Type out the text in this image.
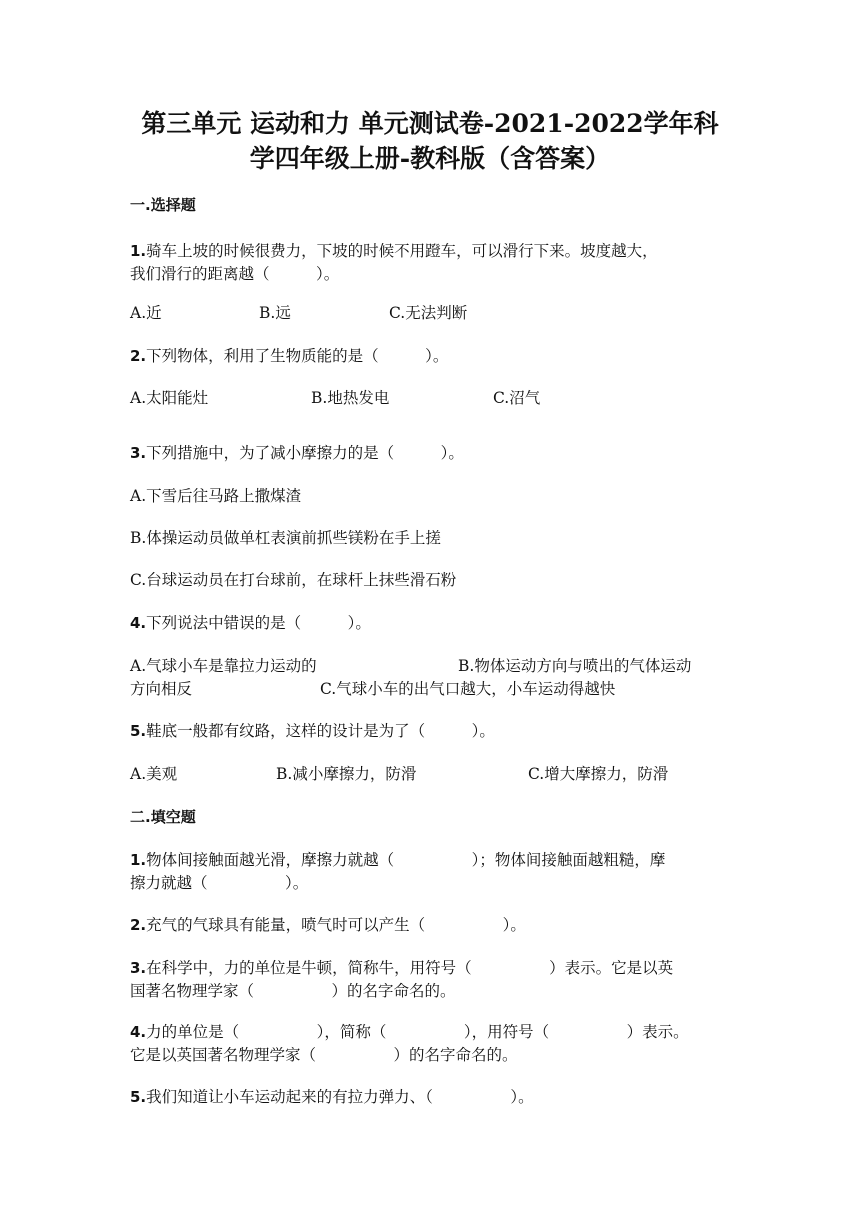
第三单元 运动和力 单元测试卷-2021-2022学年科
学四年级上册-教科版（含答案）
一.选择题
1.骑车上坡的时候很费力，下坡的时候不用蹬车，可以滑行下来。坡度越大，
我们滑行的距离越（　　　）。
A.近	B.远	C.无法判断
2.下列物体，利用了生物质能的是（　　　）。
A.太阳能灶	B.地热发电	C.沼气
3.下列措施中，为了减小摩擦力的是（　　　）。
A.下雪后往马路上撒煤渣
B.体操运动员做单杠表演前抓些镁粉在手上搓
C.台球运动员在打台球前，在球杆上抹些滑石粉
4.下列说法中错误的是（　　　）。
A.气球小车是靠拉力运动的	B.物体运动方向与喷出的气体运动
方向相反	C.气球小车的出气口越大，小车运动得越快
5.鞋底一般都有纹路，这样的设计是为了（　　　）。
A.美观	B.减小摩擦力，防滑	C.增大摩擦力，防滑
二.填空题
1.物体间接触面越光滑，摩擦力就越（　　　　　）；物体间接触面越粗糙，摩
擦力就越（　　　　　）。
2.充气的气球具有能量，喷气时可以产生（　　　　　）。
3.在科学中，力的单位是牛顿，简称牛，用符号（　　　　　）表示。它是以英
国著名物理学家（　　　　　）的名字命名的。
4.力的单位是（　　　　　），简称（　　　　　），用符号（　　　　　）表示。
它是以英国著名物理学家（　　　　　）的名字命名的。
5.我们知道让小车运动起来的有拉力弹力、（　　　　　）。
